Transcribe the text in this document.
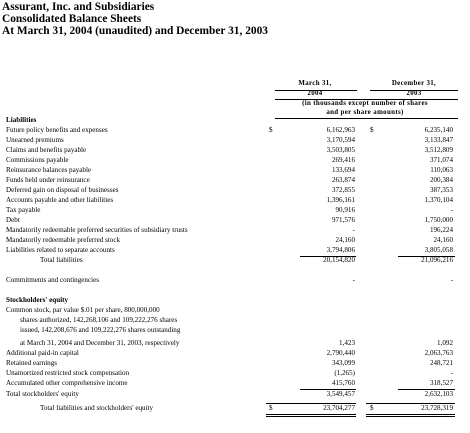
Assurant, Inc. and Subsidiaries
Consolidated Balance Sheets
At March 31, 2004 (unaudited) and December 31, 2003
March 31,
2004
December 31,
2003
(in thousands except number of shares
and per share amounts)
Liabilities
Future policy benefits and expenses	$	6,162,963 $	6,235,140
Unearned premiums	3,170,594	3,133,847
Claims and benefits payable	3,503,805	3,512,809
Commissions payable	269,416	371,074
Reinsurance balances payable	133,694	110,063
Funds held under reinsurance	263,874	200,384
Deferred gain on disposal of businesses	372,855	387,353
Accounts payable and other liabilities	1,396,161	1,370,104
Tax payable	90,916	-
Debt	971,576	1,750,000
Mandatorily redeemable preferred securities of subsidiary trusts	-	196,224
Mandatorily redeemable preferred stock	24,160	24,160
Liabilities related to separate accounts	3,794,806	3,805,058
Total liabilities	20,154,820	21,096,216
Commitments and contingencies	-	-
Stockholders' equity
Common stock, par value $.01 per share, 800,000,000
shares authorized, 142,268,106 and 109,222,276 shares
issued, 142,208,676 and 109,222,276 shares outstanding
at March 31, 2004 and December 31, 2003, respectively	1,423	1,092
Additional paid-in capital	2,790,440	2,063,763
Retained earnings	343,099	248,721
Unamortized restricted stock compensation	(1,265)	-
Accumulated other comprehensive income	415,760	318,527
Total stockholders' equity	3,549,457	2,632,103
Total liabilities and stockholders' equity	$	23,704,277 $	23,728,319
